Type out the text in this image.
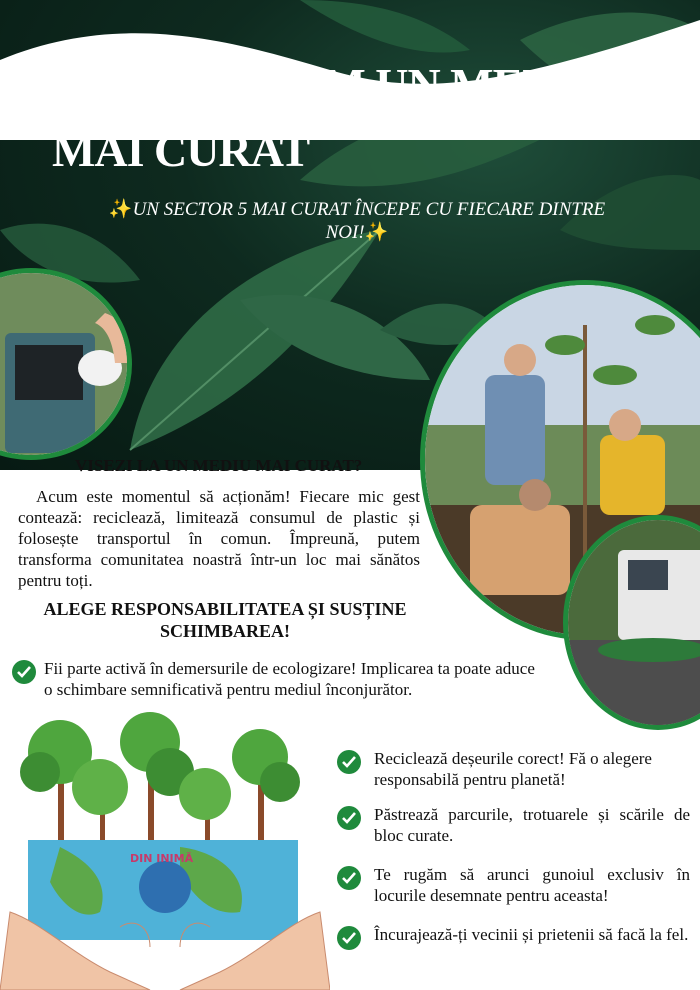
CUM SĂ AVEM UN MEDIU MAI CURAT
✨UN SECTOR 5 MAI CURAT ÎNCEPE CU FIECARE DINTRE NOI!✨
VISEZI LA UN MEDIU MAI CURAT?
Acum este momentul să acționăm! Fiecare mic gest contează: reciclează, limitează consumul de plastic și folosește transportul în comun. Împreună, putem transforma comunitatea noastră într-un loc mai sănătos pentru toți.
ALEGE RESPONSABILITATEA ȘI SUSȚINE SCHIMBAREA!
Fii parte activă în demersurile de ecologizare! Implicarea ta poate aduce o schimbare semnificativă pentru mediul înconjurător.
DIN INIMĂ
Reciclează deșeurile corect! Fă o alegere responsabilă pentru planetă!
Păstrează parcurile, trotuarele și scările de bloc curate.
Te rugăm să arunci gunoiul exclusiv în locurile desemnate pentru aceasta!
Încurajează-ți vecinii și prietenii să facă la fel.
